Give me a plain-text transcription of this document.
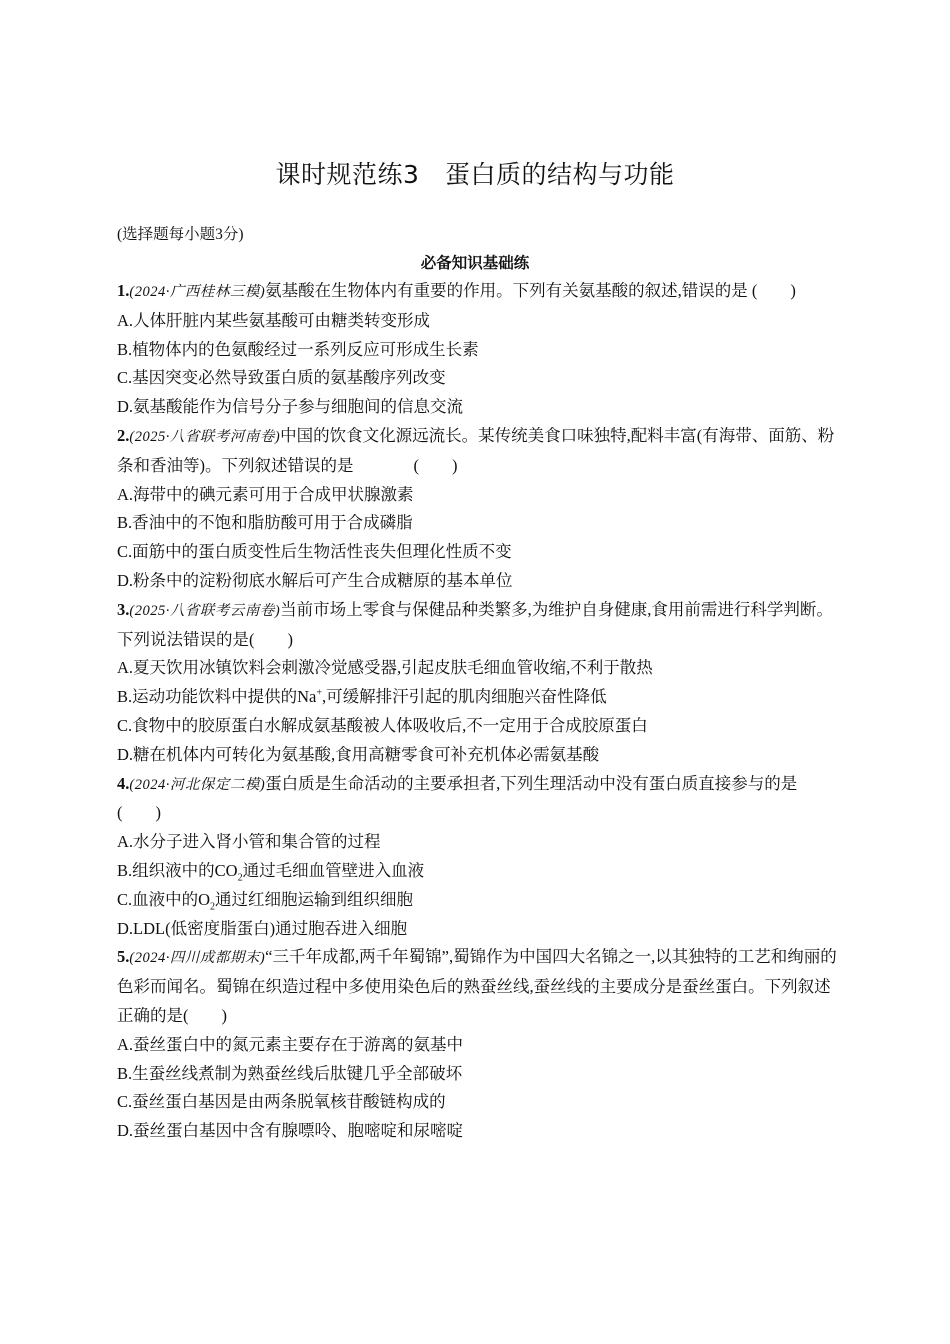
课时规范练3　蛋白质的结构与功能
(选择题每小题3分)
必备知识基础练

1.(2024·广西桂林三模)氨基酸在生物体内有重要的作用。下列有关氨基酸的叙述,错误的是 (　　)

A.人体肝脏内某些氨基酸可由糖类转变形成

B.植物体内的色氨酸经过一系列反应可形成生长素

C.基因突变必然导致蛋白质的氨基酸序列改变

D.氨基酸能作为信号分子参与细胞间的信息交流

2.(2025·八省联考河南卷)中国的饮食文化源远流长。某传统美食口味独特,配料丰富(有海带、面筋、粉条和香油等)。下列叙述错误的是	(　　)

A.海带中的碘元素可用于合成甲状腺激素

B.香油中的不饱和脂肪酸可用于合成磷脂

C.面筋中的蛋白质变性后生物活性丧失但理化性质不变

D.粉条中的淀粉彻底水解后可产生合成糖原的基本单位

3.(2025·八省联考云南卷)当前市场上零食与保健品种类繁多,为维护自身健康,食用前需进行科学判断。下列说法错误的是(　　)

A.夏天饮用冰镇饮料会刺激冷觉感受器,引起皮肤毛细血管收缩,不利于散热

B.运动功能饮料中提供的Na+,可缓解排汗引起的肌肉细胞兴奋性降低

C.食物中的胶原蛋白水解成氨基酸被人体吸收后,不一定用于合成胶原蛋白

D.糖在机体内可转化为氨基酸,食用高糖零食可补充机体必需氨基酸

4.(2024·河北保定二模)蛋白质是生命活动的主要承担者,下列生理活动中没有蛋白质直接参与的是(　　)

A.水分子进入肾小管和集合管的过程

B.组织液中的$CO_2$通过毛细血管壁进入血液

C.血液中的$O_2$通过红细胞运输到组织细胞

D.LDL(低密度脂蛋白)通过胞吞进入细胞

5.(2024·四川成都期末)“三千年成都,两千年蜀锦”,蜀锦作为中国四大名锦之一,以其独特的工艺和绚丽的色彩而闻名。蜀锦在织造过程中多使用染色后的熟蚕丝线,蚕丝线的主要成分是蚕丝蛋白。下列叙述正确的是(　　)

A.蚕丝蛋白中的氮元素主要存在于游离的氨基中

B.生蚕丝线煮制为熟蚕丝线后肽键几乎全部破坏

C.蚕丝蛋白基因是由两条脱氧核苷酸链构成的

D.蚕丝蛋白基因中含有腺嘌呤、胞嘧啶和尿嘧啶
